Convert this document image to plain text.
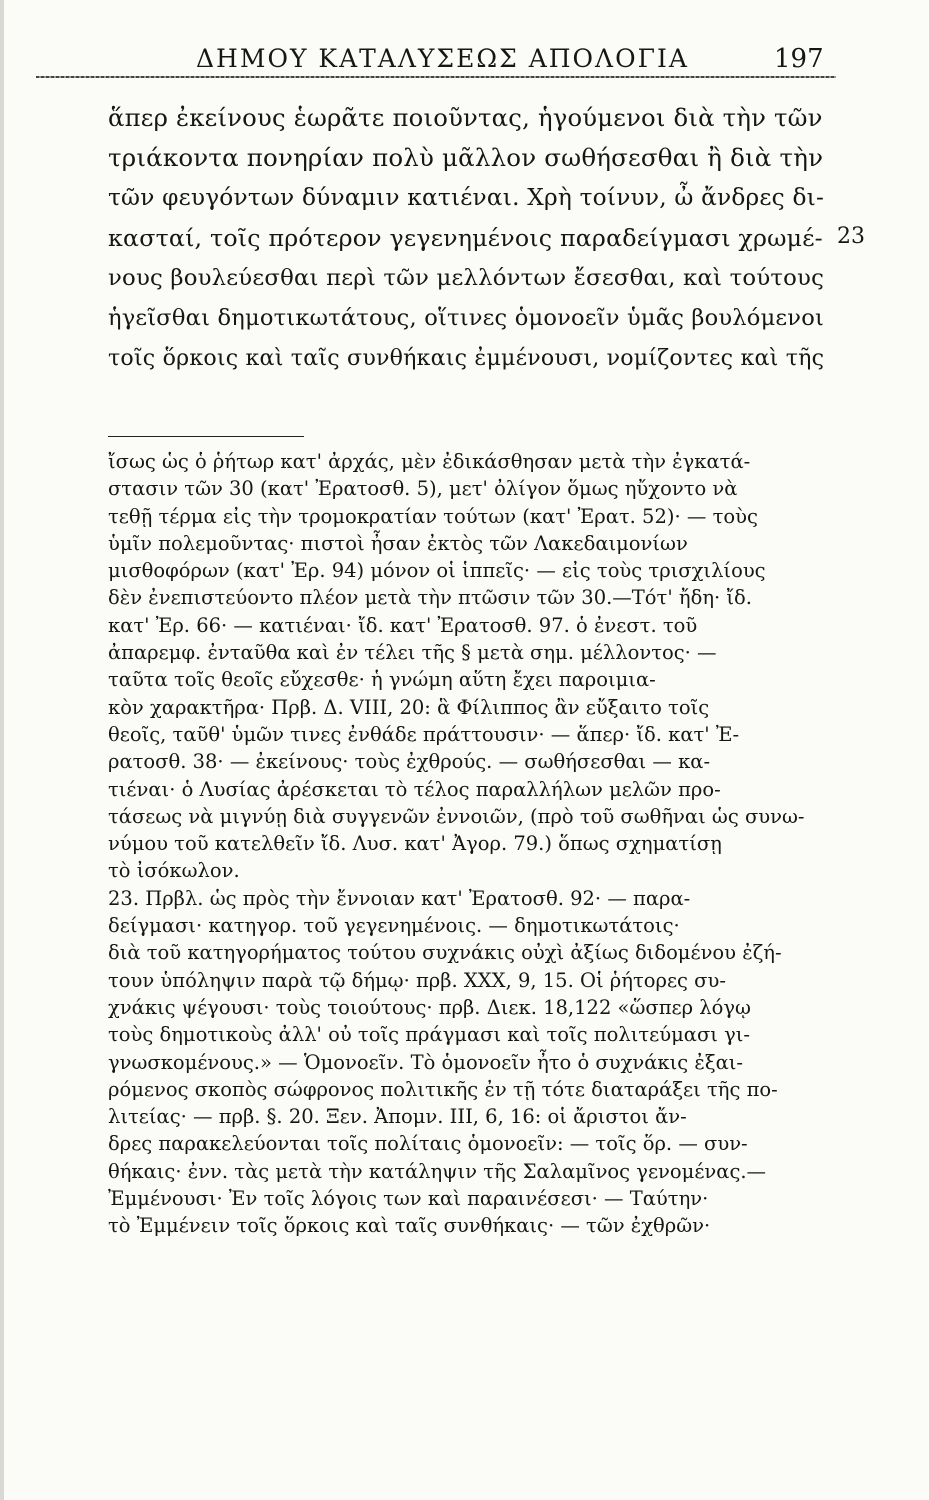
ΔΗΜΟΥ ΚΑΤΑΛΥΣΕΩΣ ΑΠΟΛΟΓΙΑ	197
ἅπερ ἐκείνους ἑωρᾶτε ποιοῦντας, ἡγούμενοι διὰ τὴν τῶν
τριάκοντα πονηρίαν πολὺ μᾶλλον σωθήσεσθαι ἢ διὰ τὴν
τῶν φευγόντων δύναμιν κατιέναι. Χρὴ τοίνυν, ὦ ἄνδρες δι-
κασταί, τοῖς πρότερον γεγενημένοις παραδείγμασι χρωμέ-
νους βουλεύεσθαι περὶ τῶν μελλόντων ἔσεσθαι, καὶ τούτους
ἡγεῖσθαι δημοτικωτάτους, οἵτινες ὁμονοεῖν ὑμᾶς βουλόμενοι
τοῖς ὅρκοις καὶ ταῖς συνθήκαις ἐμμένουσι, νομίζοντες καὶ τῆς
23
ἴσως ὡς ὁ ῥήτωρ κατ' ἀρχάς, μὲν ἐδικάσθησαν μετὰ τὴν ἐγκατά-
στασιν τῶν 30 (κατ' Ἐρατοσθ. 5), μετ' ὀλίγον ὅμως ηὔχοντο νὰ
τεθῇ τέρμα εἰς τὴν τρομοκρατίαν τούτων (κατ' Ἐρατ. 52)· — τοὺς
ὑμῖν πολεμοῦντας· πιστοὶ ἦσαν ἐκτὸς τῶν Λακεδαιμονίων
μισθοφόρων (κατ' Ἐρ. 94) μόνον οἱ ἱππεῖς· — εἰς τοὺς τρισχιλίους
δὲν ἐνεπιστεύοντο πλέον μετὰ τὴν πτῶσιν τῶν 30.—Τότ' ἤδη· ἴδ.
κατ' Ἐρ. 66· — κατιέναι· ἴδ. κατ' Ἐρατοσθ. 97. ὁ ἐνεστ. τοῦ
ἀπαρεμφ. ἐνταῦθα καὶ ἐν τέλει τῆς § μετὰ σημ. μέλλοντος· —
ταῦτα τοῖς θεοῖς εὔχεσθε· ἡ γνώμη αὕτη ἔχει παροιμια-
κὸν χαρακτῆρα· Πρβ. Δ. VIII, 20: ἃ Φίλιππος ἂν εὔξαιτο τοῖς
θεοῖς, ταῦθ' ὑμῶν τινες ἐνθάδε πράττουσιν· — ἅπερ· ἴδ. κατ' Ἐ-
ρατοσθ. 38· — ἐκείνους· τοὺς ἐχθρούς. — σωθήσεσθαι — κα-
τιέναι· ὁ Λυσίας ἀρέσκεται τὸ τέλος παραλλήλων μελῶν προ-
τάσεως νὰ μιγνύῃ διὰ συγγενῶν ἐννοιῶν, (πρὸ τοῦ σωθῆναι ὡς συνω-
νύμου τοῦ κατελθεῖν ἴδ. Λυσ. κατ' Ἀγορ. 79.) ὅπως σχηματίσῃ
τὸ ἰσόκωλον.
23. Πρβλ. ὡς πρὸς τὴν ἔννοιαν κατ' Ἐρατοσθ. 92· — παρα-
δείγμασι· κατηγορ. τοῦ γεγενημένοις. — δημοτικωτάτοις·
διὰ τοῦ κατηγορήματος τούτου συχνάκις οὐχὶ ἀξίως διδομένου ἐζή-
τουν ὑπόληψιν παρὰ τῷ δήμῳ· πρβ. XXX, 9, 15. Οἱ ῥήτορες συ-
χνάκις ψέγουσι· τοὺς τοιούτους· πρβ. Διεκ. 18,122 «ὥσπερ λόγῳ
τοὺς δημοτικοὺς ἀλλ' οὐ τοῖς πράγμασι καὶ τοῖς πολιτεύμασι γι-
γνωσκομένους.» — Ὁμονοεῖν. Τὸ ὁμονοεῖν ἦτο ὁ συχνάκις ἐξαι-
ρόμενος σκοπὸς σώφρονος πολιτικῆς ἐν τῇ τότε διαταράξει τῆς πο-
λιτείας· — πρβ. §. 20. Ξεν. Ἀπομν. III, 6, 16: οἱ ἄριστοι ἄν-
δρες παρακελεύονται τοῖς πολίταις ὁμονοεῖν: — τοῖς ὅρ. — συν-
θήκαις· ἐνν. τὰς μετὰ τὴν κατάληψιν τῆς Σαλαμῖνος γενομένας.—
Ἐμμένουσι· Ἐν τοῖς λόγοις των καὶ παραινέσεσι· — Ταύτην·
τὸ Ἐμμένειν τοῖς ὅρκοις καὶ ταῖς συνθήκαις· — τῶν ἐχθρῶν·
